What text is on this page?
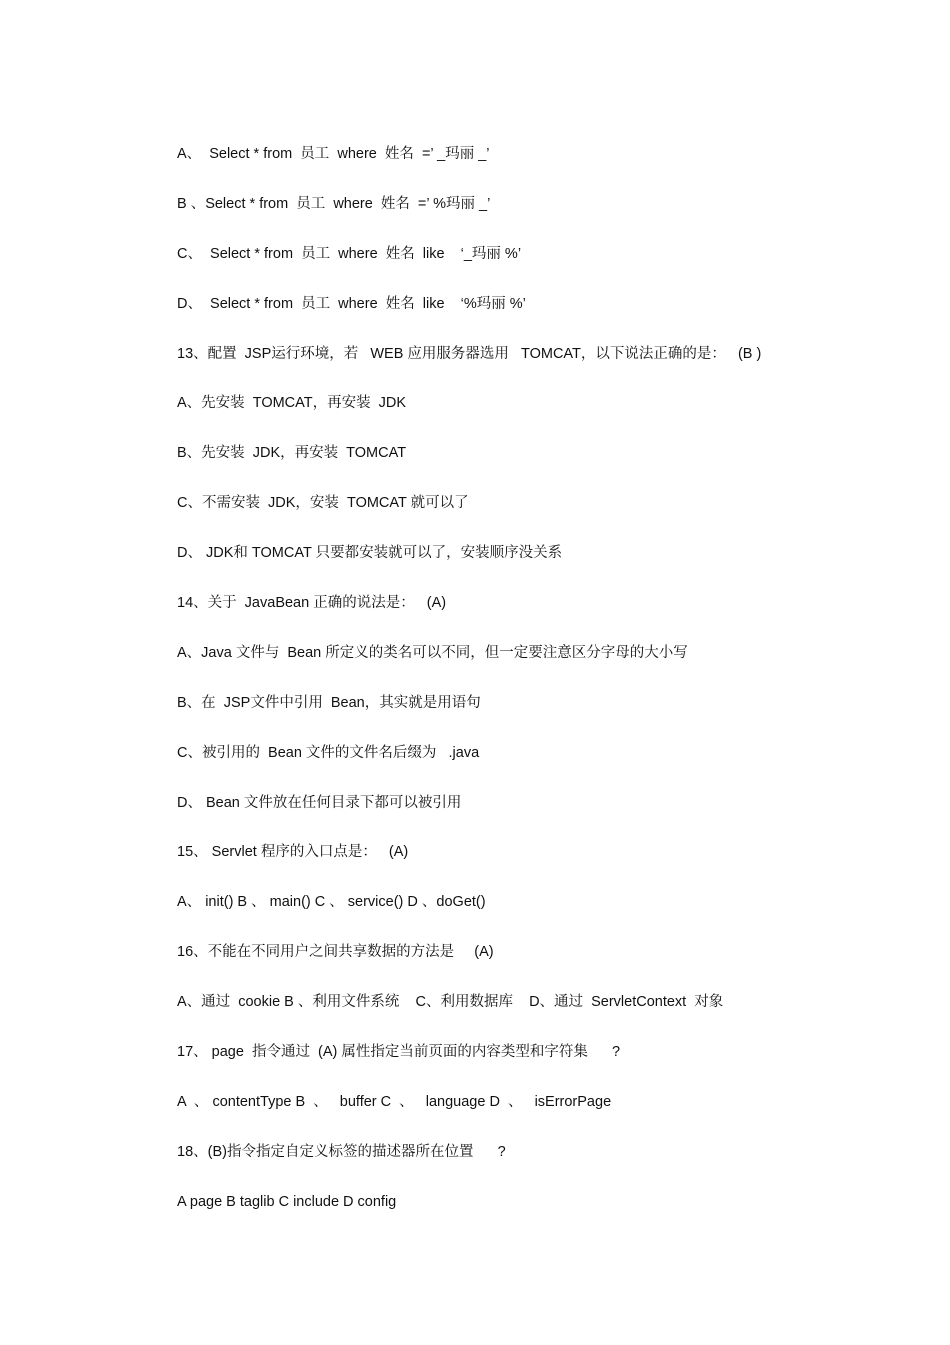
A、  Select * from  员工  where  姓名  =’ _玛丽 _’
B 、Select * from  员工  where  姓名  =’ %玛丽 _’
C、  Select * from  员工  where  姓名  like    ‘_玛丽 %’
D、  Select * from  员工  where  姓名  like    ‘%玛丽 %’
13、配置  JSP运行环境，若   WEB 应用服务器选用   TOMCAT，以下说法正确的是：   (B )
A、先安装  TOMCAT，再安装  JDK
B、先安装  JDK，再安装  TOMCAT
C、不需安装  JDK，安装  TOMCAT 就可以了
D、 JDK和 TOMCAT 只要都安装就可以了，安装顺序没关系
14、关于  JavaBean 正确的说法是：   (A)
A、Java 文件与  Bean 所定义的类名可以不同，但一定要注意区分字母的大小写
B、在  JSP文件中引用  Bean，其实就是用语句
C、被引用的  Bean 文件的文件名后缀为   .java
D、 Bean 文件放在任何目录下都可以被引用
15、 Servlet 程序的入口点是：   (A)
A、 init() B 、 main() C 、 service() D 、doGet()
16、不能在不同用户之间共享数据的方法是     (A)
A、通过  cookie B 、利用文件系统    C、利用数据库    D、通过  ServletContext  对象
17、 page  指令通过  (A) 属性指定当前页面的内容类型和字符集      ?
A  、 contentType B  、   buffer C  、   language D  、   isErrorPage
18、(B)指令指定自定义标签的描述器所在位置      ?
A page B taglib C include D config
